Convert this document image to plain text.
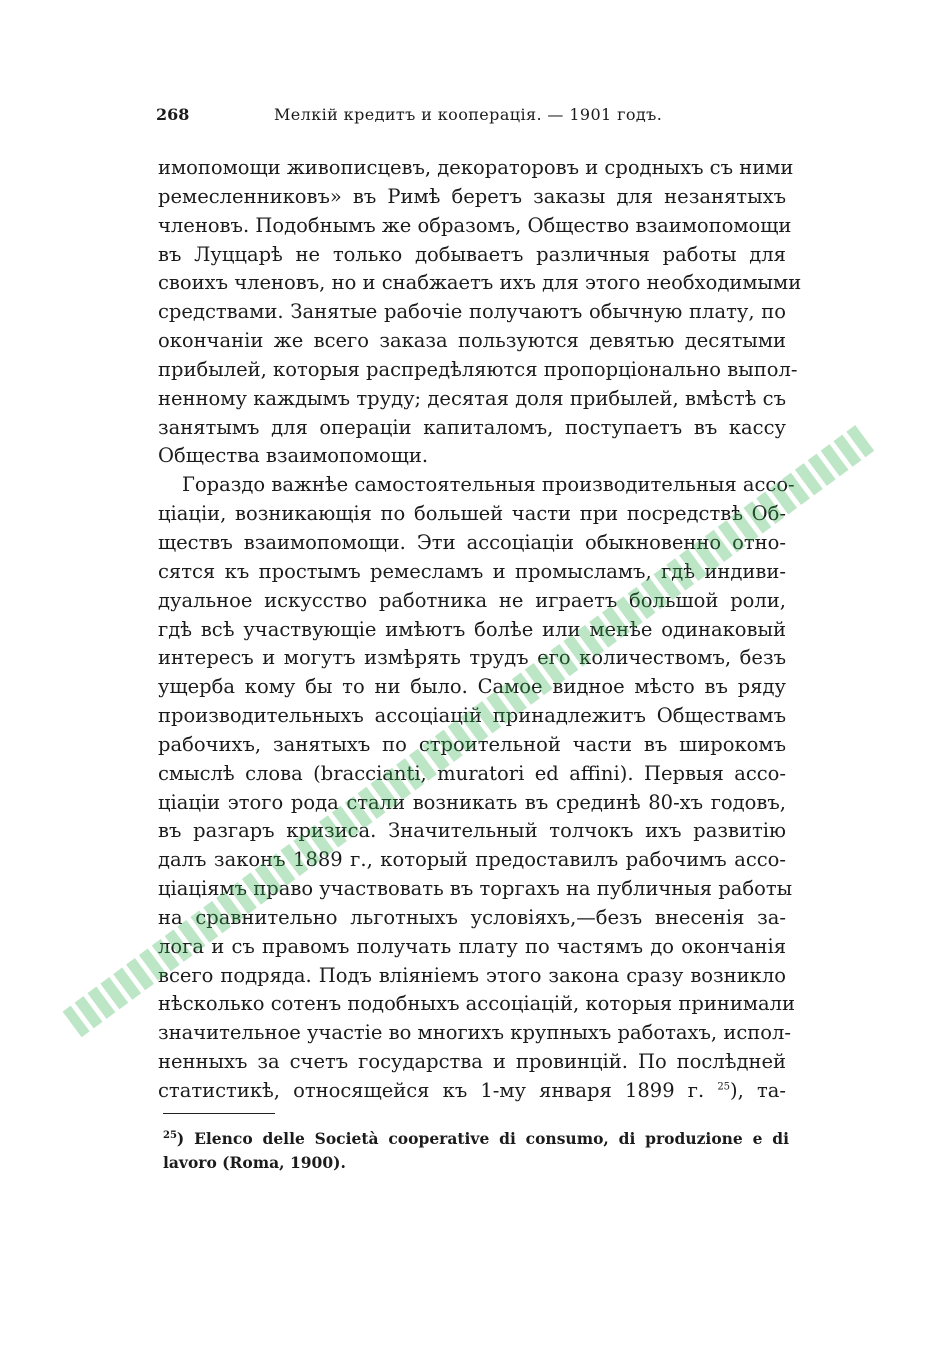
268	Мелкій кредитъ и кооперація. — 1901 годъ.
имопомощи живописцевъ, декораторовъ и сродныхъ съ ними
ремесленниковъ» въ Римѣ беретъ заказы для незанятыхъ
членовъ. Подобнымъ же образомъ, Общество взаимопомощи
въ Луццарѣ не только добываетъ различныя работы для
своихъ членовъ, но и снабжаетъ ихъ для этого необходимыми
средствами. Занятые рабочіе получаютъ обычную плату, по
окончаніи же всего заказа пользуются девятью десятыми
прибылей, которыя распредѣляются пропорціонально выпол-
ненному каждымъ труду; десятая доля прибылей, вмѣстѣ съ
занятымъ для операціи капиталомъ, поступаетъ въ кассу
Общества взаимопомощи.
Гораздо важнѣе самостоятельныя производительныя ассо-
ціаціи, возникающія по большей части при посредствѣ Об-
ществъ взаимопомощи. Эти ассоціаціи обыкновенно отно-
сятся къ простымъ ремесламъ и промысламъ, гдѣ индиви-
дуальное искусство работника не играетъ большой роли,
гдѣ всѣ участвующіе имѣютъ болѣе или менѣе одинаковый
интересъ и могутъ измѣрять трудъ его количествомъ, безъ
ущерба кому бы то ни было. Самое видное мѣсто въ ряду
производительныхъ ассоціацій принадлежитъ Обществамъ
рабочихъ, занятыхъ по строительной части въ широкомъ
смыслѣ слова (braccianti, muratori ed affini). Первыя ассо-
ціаціи этого рода стали возникать въ срединѣ 80-хъ годовъ,
въ разгаръ кризиса. Значительный толчокъ ихъ развитію
далъ законъ 1889 г., который предоставилъ рабочимъ ассо-
ціаціямъ право участвовать въ торгахъ на публичныя работы
на сравнительно льготныхъ условіяхъ,—безъ внесенія за-
лога и съ правомъ получать плату по частямъ до окончанія
всего подряда. Подъ вліяніемъ этого закона сразу возникло
нѣсколько сотенъ подобныхъ ассоціацій, которыя принимали
значительное участіе во многихъ крупныхъ работахъ, испол-
ненныхъ за счетъ государства и провинцій. По послѣдней
статистикѣ, относящейся къ 1-му января 1899 г. $^{25}$), та-
$^{25}$) Elenco delle Società cooperative di consumo, di produzione e di
lavoro (Roma, 1900).
